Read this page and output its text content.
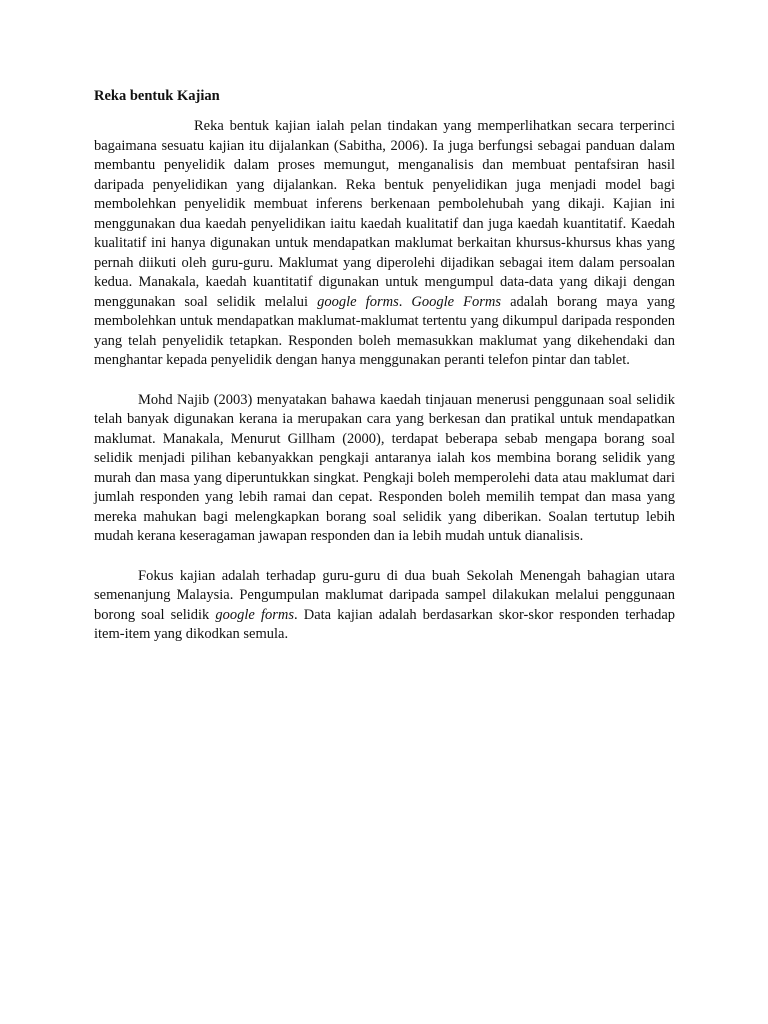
Reka bentuk Kajian

Reka bentuk kajian ialah pelan tindakan yang memperlihatkan secara terperinci bagaimana sesuatu kajian itu dijalankan (Sabitha, 2006). Ia juga berfungsi sebagai panduan dalam membantu penyelidik dalam proses memungut, menganalisis dan membuat pentafsiran hasil daripada penyelidikan yang dijalankan. Reka bentuk penyelidikan juga menjadi model bagi membolehkan penyelidik membuat inferens berkenaan pembolehubah yang dikaji. Kajian ini menggunakan dua kaedah penyelidikan iaitu kaedah kualitatif dan juga kaedah kuantitatif. Kaedah kualitatif ini hanya digunakan untuk mendapatkan maklumat berkaitan khursus-khursus khas yang pernah diikuti oleh guru-guru. Maklumat yang diperolehi dijadikan sebagai item dalam persoalan kedua. Manakala, kaedah kuantitatif digunakan untuk mengumpul data-data yang dikaji dengan menggunakan soal selidik melalui google forms. Google Forms adalah borang maya yang membolehkan untuk mendapatkan maklumat-maklumat tertentu yang dikumpul daripada responden yang telah penyelidik tetapkan. Responden boleh memasukkan maklumat yang dikehendaki dan menghantar kepada penyelidik dengan hanya menggunakan peranti telefon pintar dan tablet.

Mohd Najib (2003) menyatakan bahawa kaedah tinjauan menerusi penggunaan soal selidik telah banyak digunakan kerana ia merupakan cara yang berkesan dan pratikal untuk mendapatkan maklumat. Manakala, Menurut Gillham (2000), terdapat beberapa sebab mengapa borang soal selidik menjadi pilihan kebanyakkan pengkaji antaranya ialah kos membina borang selidik yang murah dan masa yang diperuntukkan singkat. Pengkaji boleh memperolehi data atau maklumat dari jumlah responden yang lebih ramai dan cepat. Responden boleh memilih tempat dan masa yang mereka mahukan bagi melengkapkan borang soal selidik yang diberikan. Soalan tertutup lebih mudah kerana keseragaman jawapan responden dan ia lebih mudah untuk dianalisis.

Fokus kajian adalah terhadap guru-guru di dua buah Sekolah Menengah bahagian utara semenanjung Malaysia. Pengumpulan maklumat daripada sampel dilakukan melalui penggunaan borong soal selidik google forms. Data kajian adalah berdasarkan skor-skor responden terhadap item-item yang dikodkan semula.
